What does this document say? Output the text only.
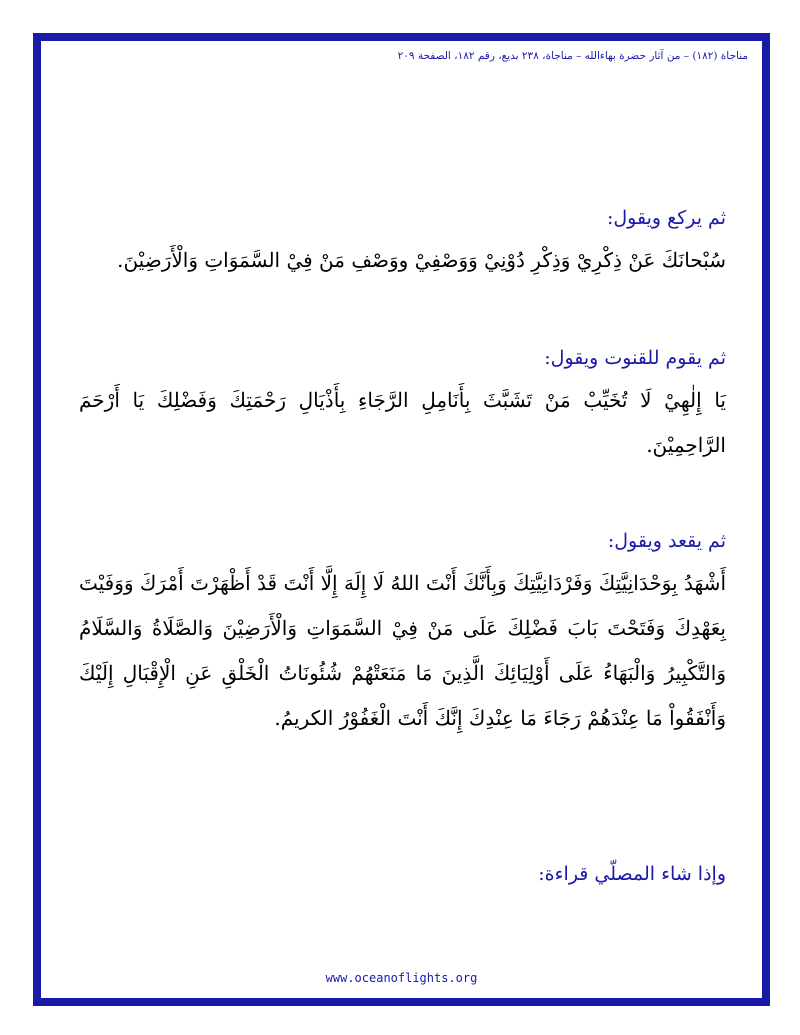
مناجاة (١٨٢) – من آثار حضرة بهاءالله – مناجاة، ٢٣٨ بديع، رقم ١٨٢، الصفحة ٢٠٩
ثم يركع ويقول:
سُبْحانَكَ عَنْ ذِكْرِيْ وَذِكْرِ دُوْنِيْ وَوَصْفِيْ ووَصْفِ مَنْ فِيْ السَّمَوَاتِ وَالْأَرَضِيْنَ.
ثم يقوم للقنوت ويقول:
يَا إِلٰهِيْ لَا تُخَيِّبْ مَنْ تَشَبَّثَ بِأَنَامِلِ الرَّجَاءِ بِأَذْيَالِ رَحْمَتِكَ وَفَضْلِكَ يَا أَرْحَمَ الرَّاحِمِيْنَ.
ثم يقعد ويقول:
أَشْهَدُ بِوَحْدَانِيَّتِكَ وَفَرْدَانِيَّتِكَ وَبِأَنَّكَ أَنْتَ اللهُ لَا إِلَهَ إِلَّا أَنْتَ قَدْ أَظْهَرْتَ أَمْرَكَ وَوَفَيْتَ بِعَهْدِكَ وَفَتَحْتَ بَابَ فَضْلِكَ عَلَى مَنْ فِيْ السَّمَوَاتِ وَالْأَرَضِيْنَ وَالصَّلَاةُ وَالسَّلَامُ وَالتَّكْبِيرُ وَالْبَهَاءُ عَلَى أَوْلِيَائِكَ الَّذِينَ مَا مَنَعَتْهُمْ شُئُونَاتُ الْخَلْقِ عَنِ الْإِقْبَالِ إِلَيْكَ وَأَنْفَقُواْ مَا عِنْدَهُمْ رَجَاءَ مَا عِنْدِكَ إِنَّكَ أَنْتَ الْغَفُوْرُ الكريمُ.
وإذا شاء المصلّي قراءة:
www.oceanoflights.org
